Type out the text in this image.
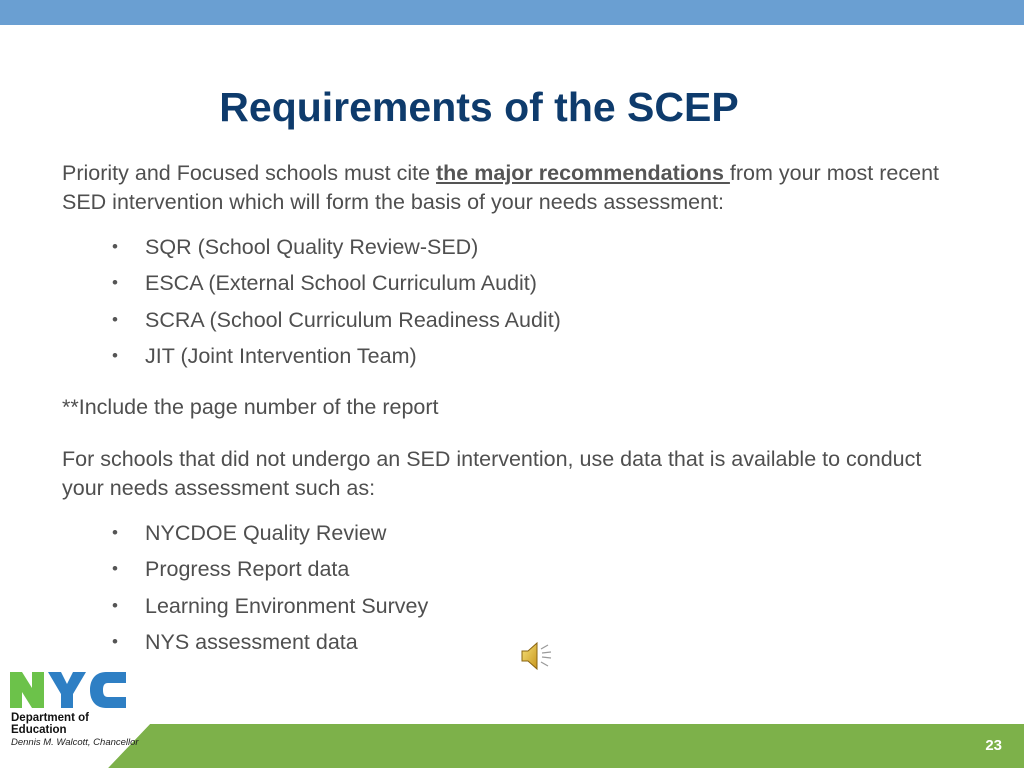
Requirements of the SCEP

Priority and Focused schools must cite the major recommendations from your most recent SED intervention which will form the basis of your needs assessment:

• SQR (School Quality Review-SED)
• ESCA (External School Curriculum Audit)
• SCRA (School Curriculum Readiness Audit)
• JIT (Joint Intervention Team)

**Include the page number of the report

For schools that did not undergo an SED intervention, use data that is available to conduct your needs assessment such as:

• NYCDOE Quality Review
• Progress Report data
• Learning Environment Survey
• NYS assessment data
23
Department of Education
Dennis M. Walcott, Chancellor
